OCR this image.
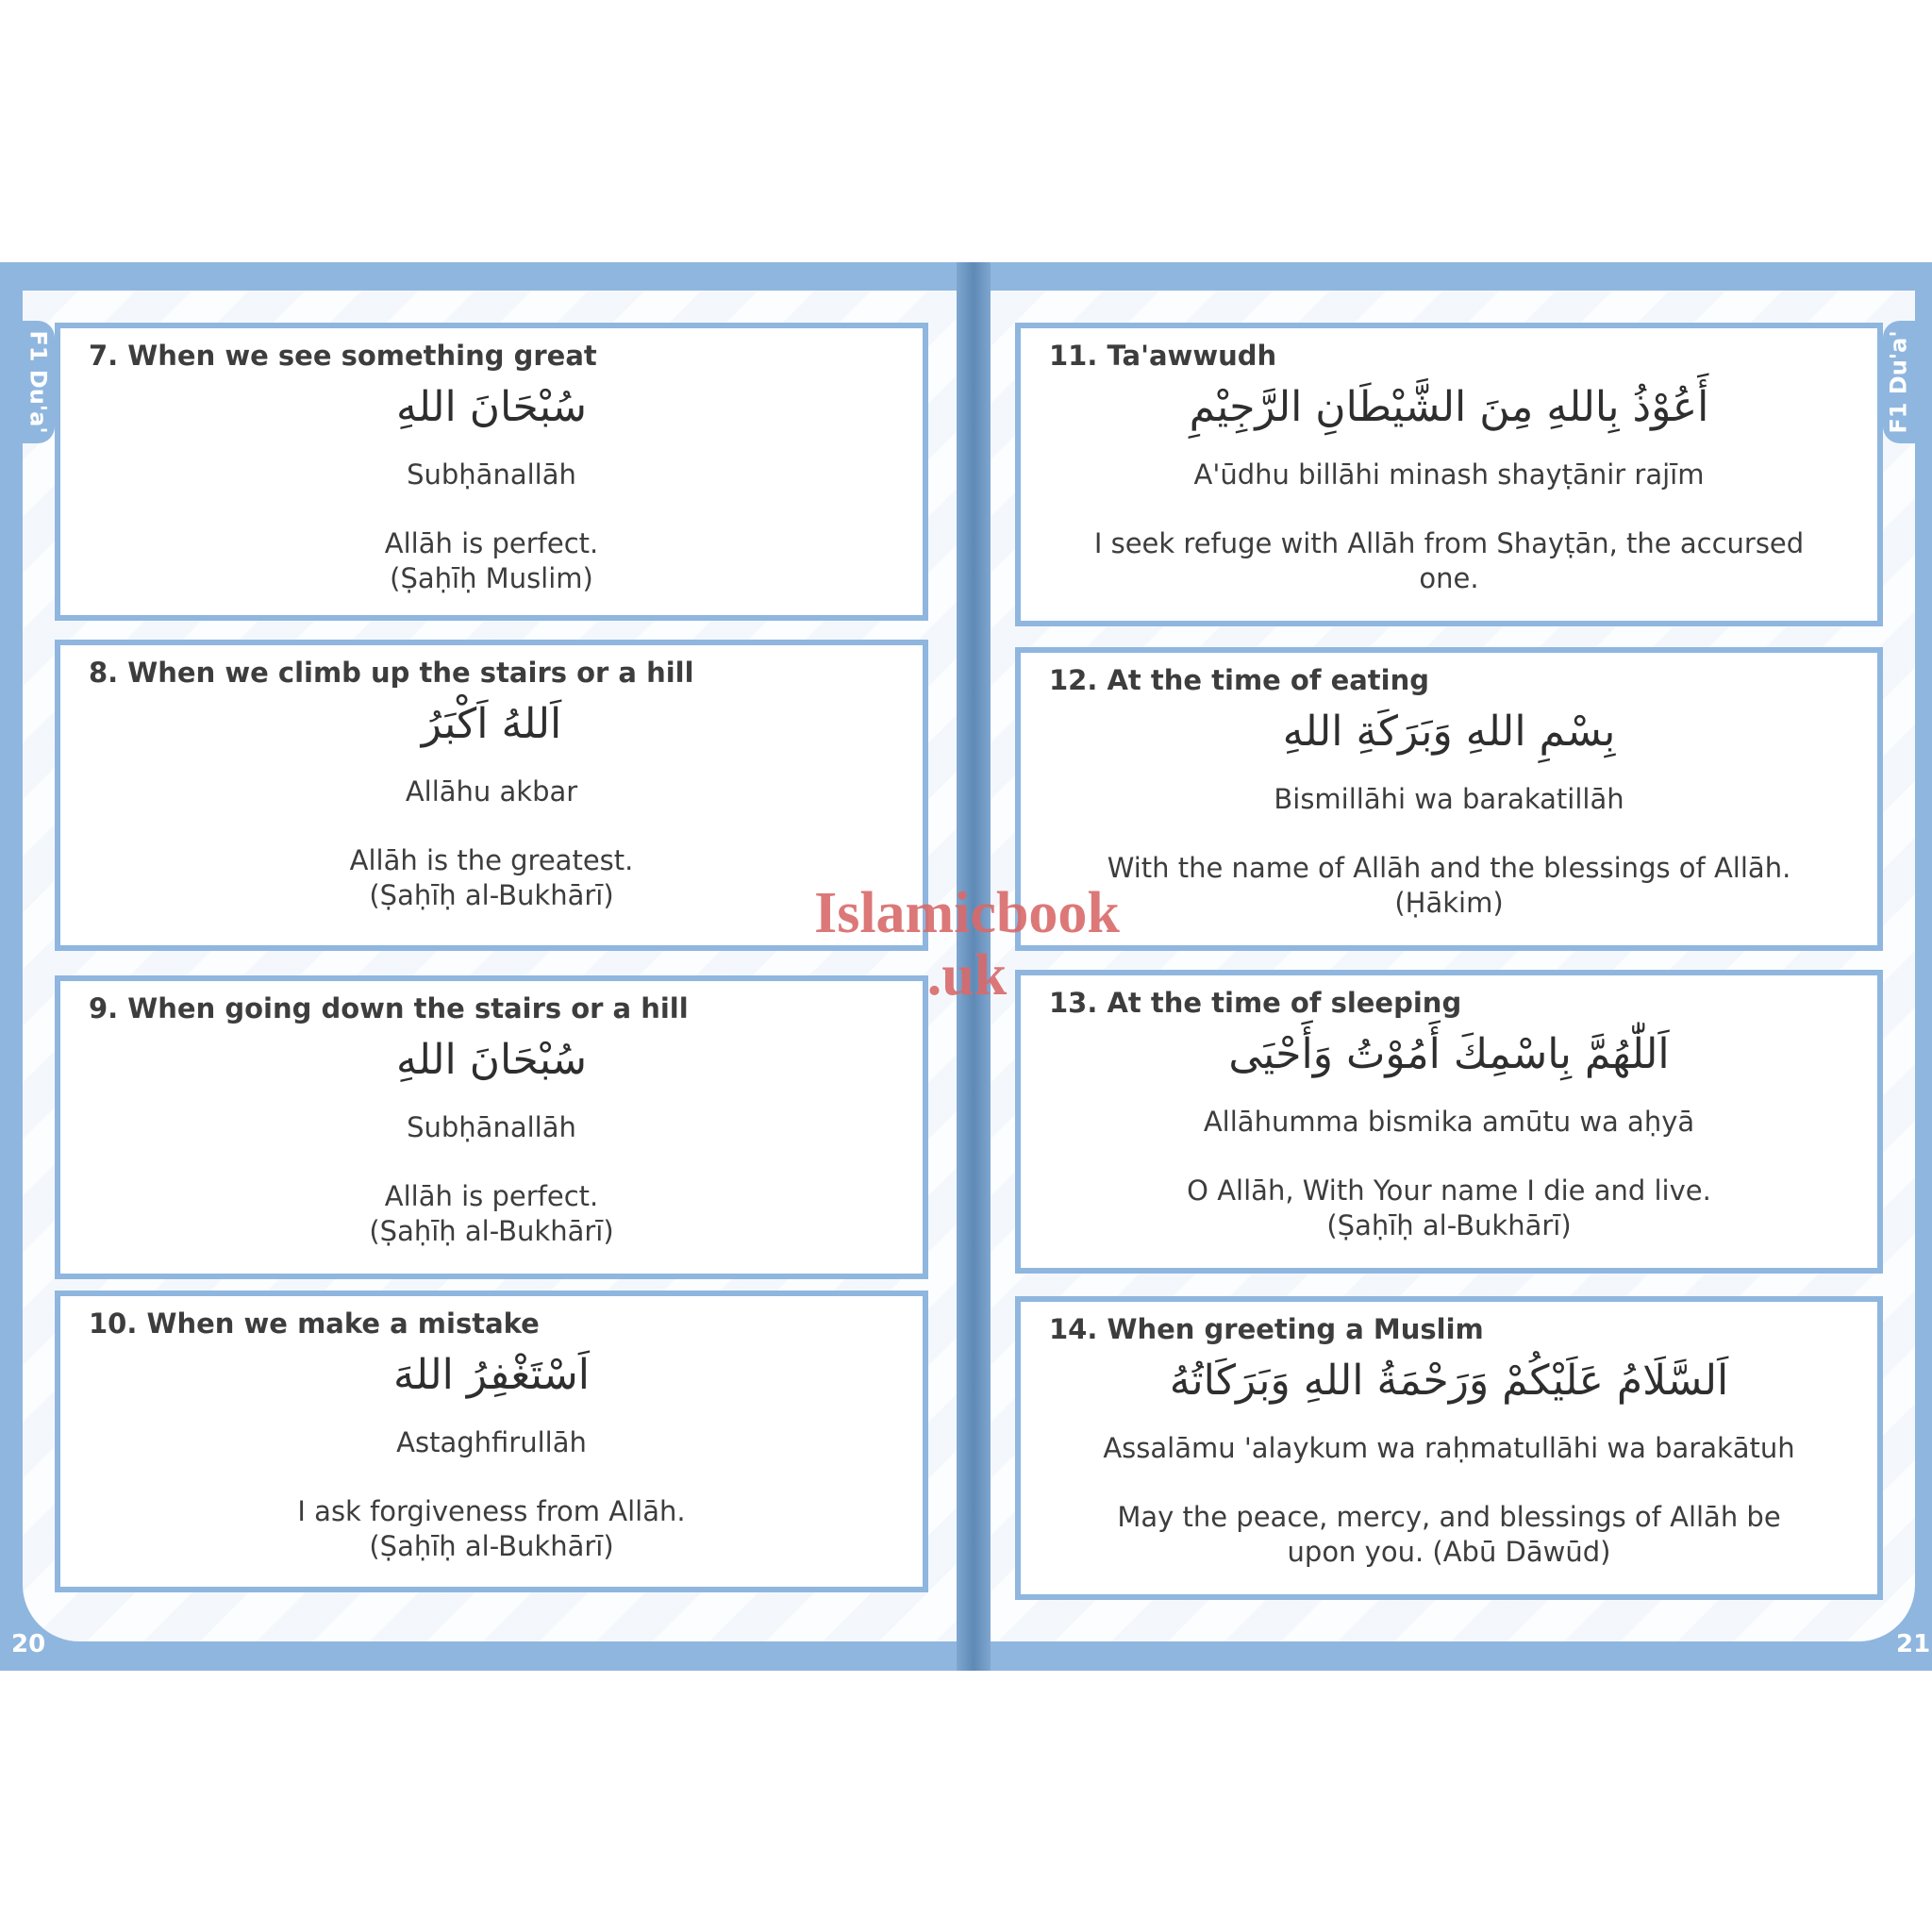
F1 Du'a'	F1 Du'a'
20	21
7. When we see something great
سُبْحَانَ اللهِ
Subḥānallāh
Allāh is perfect.
(Ṣaḥīḥ Muslim)
8. When we climb up the stairs or a hill
اَللهُ اَكْبَرُ
Allāhu akbar
Allāh is the greatest.
(Ṣaḥīḥ al-Bukhārī)
9. When going down the stairs or a hill
سُبْحَانَ اللهِ
Subḥānallāh
Allāh is perfect.
(Ṣaḥīḥ al-Bukhārī)
10. When we make a mistake
اَسْتَغْفِرُ اللهَ
Astaghfirullāh
I ask forgiveness from Allāh.
(Ṣaḥīḥ al-Bukhārī)
11. Ta'awwudh
أَعُوْذُ بِاللهِ مِنَ الشَّيْطَانِ الرَّجِيْمِ
A'ūdhu billāhi minash shayṭānir rajīm
I seek refuge with Allāh from Shayṭān, the accursed
one.
12. At the time of eating
بِسْمِ اللهِ وَبَرَكَةِ اللهِ
Bismillāhi wa barakatillāh
With the name of Allāh and the blessings of Allāh.
(Ḥākim)
13. At the time of sleeping
اَللّٰهُمَّ بِاسْمِكَ أَمُوْتُ وَأَحْيَى
Allāhumma bismika amūtu wa aḥyā
O Allāh, With Your name I die and live.
(Ṣaḥīḥ al-Bukhārī)
14. When greeting a Muslim
اَلسَّلَامُ عَلَيْكُمْ وَرَحْمَةُ اللهِ وَبَرَكَاتُهُ
Assalāmu 'alaykum wa raḥmatullāhi wa barakātuh
May the peace, mercy, and blessings of Allāh be
upon you. (Abū Dāwūd)
Islamicbook
.uk
